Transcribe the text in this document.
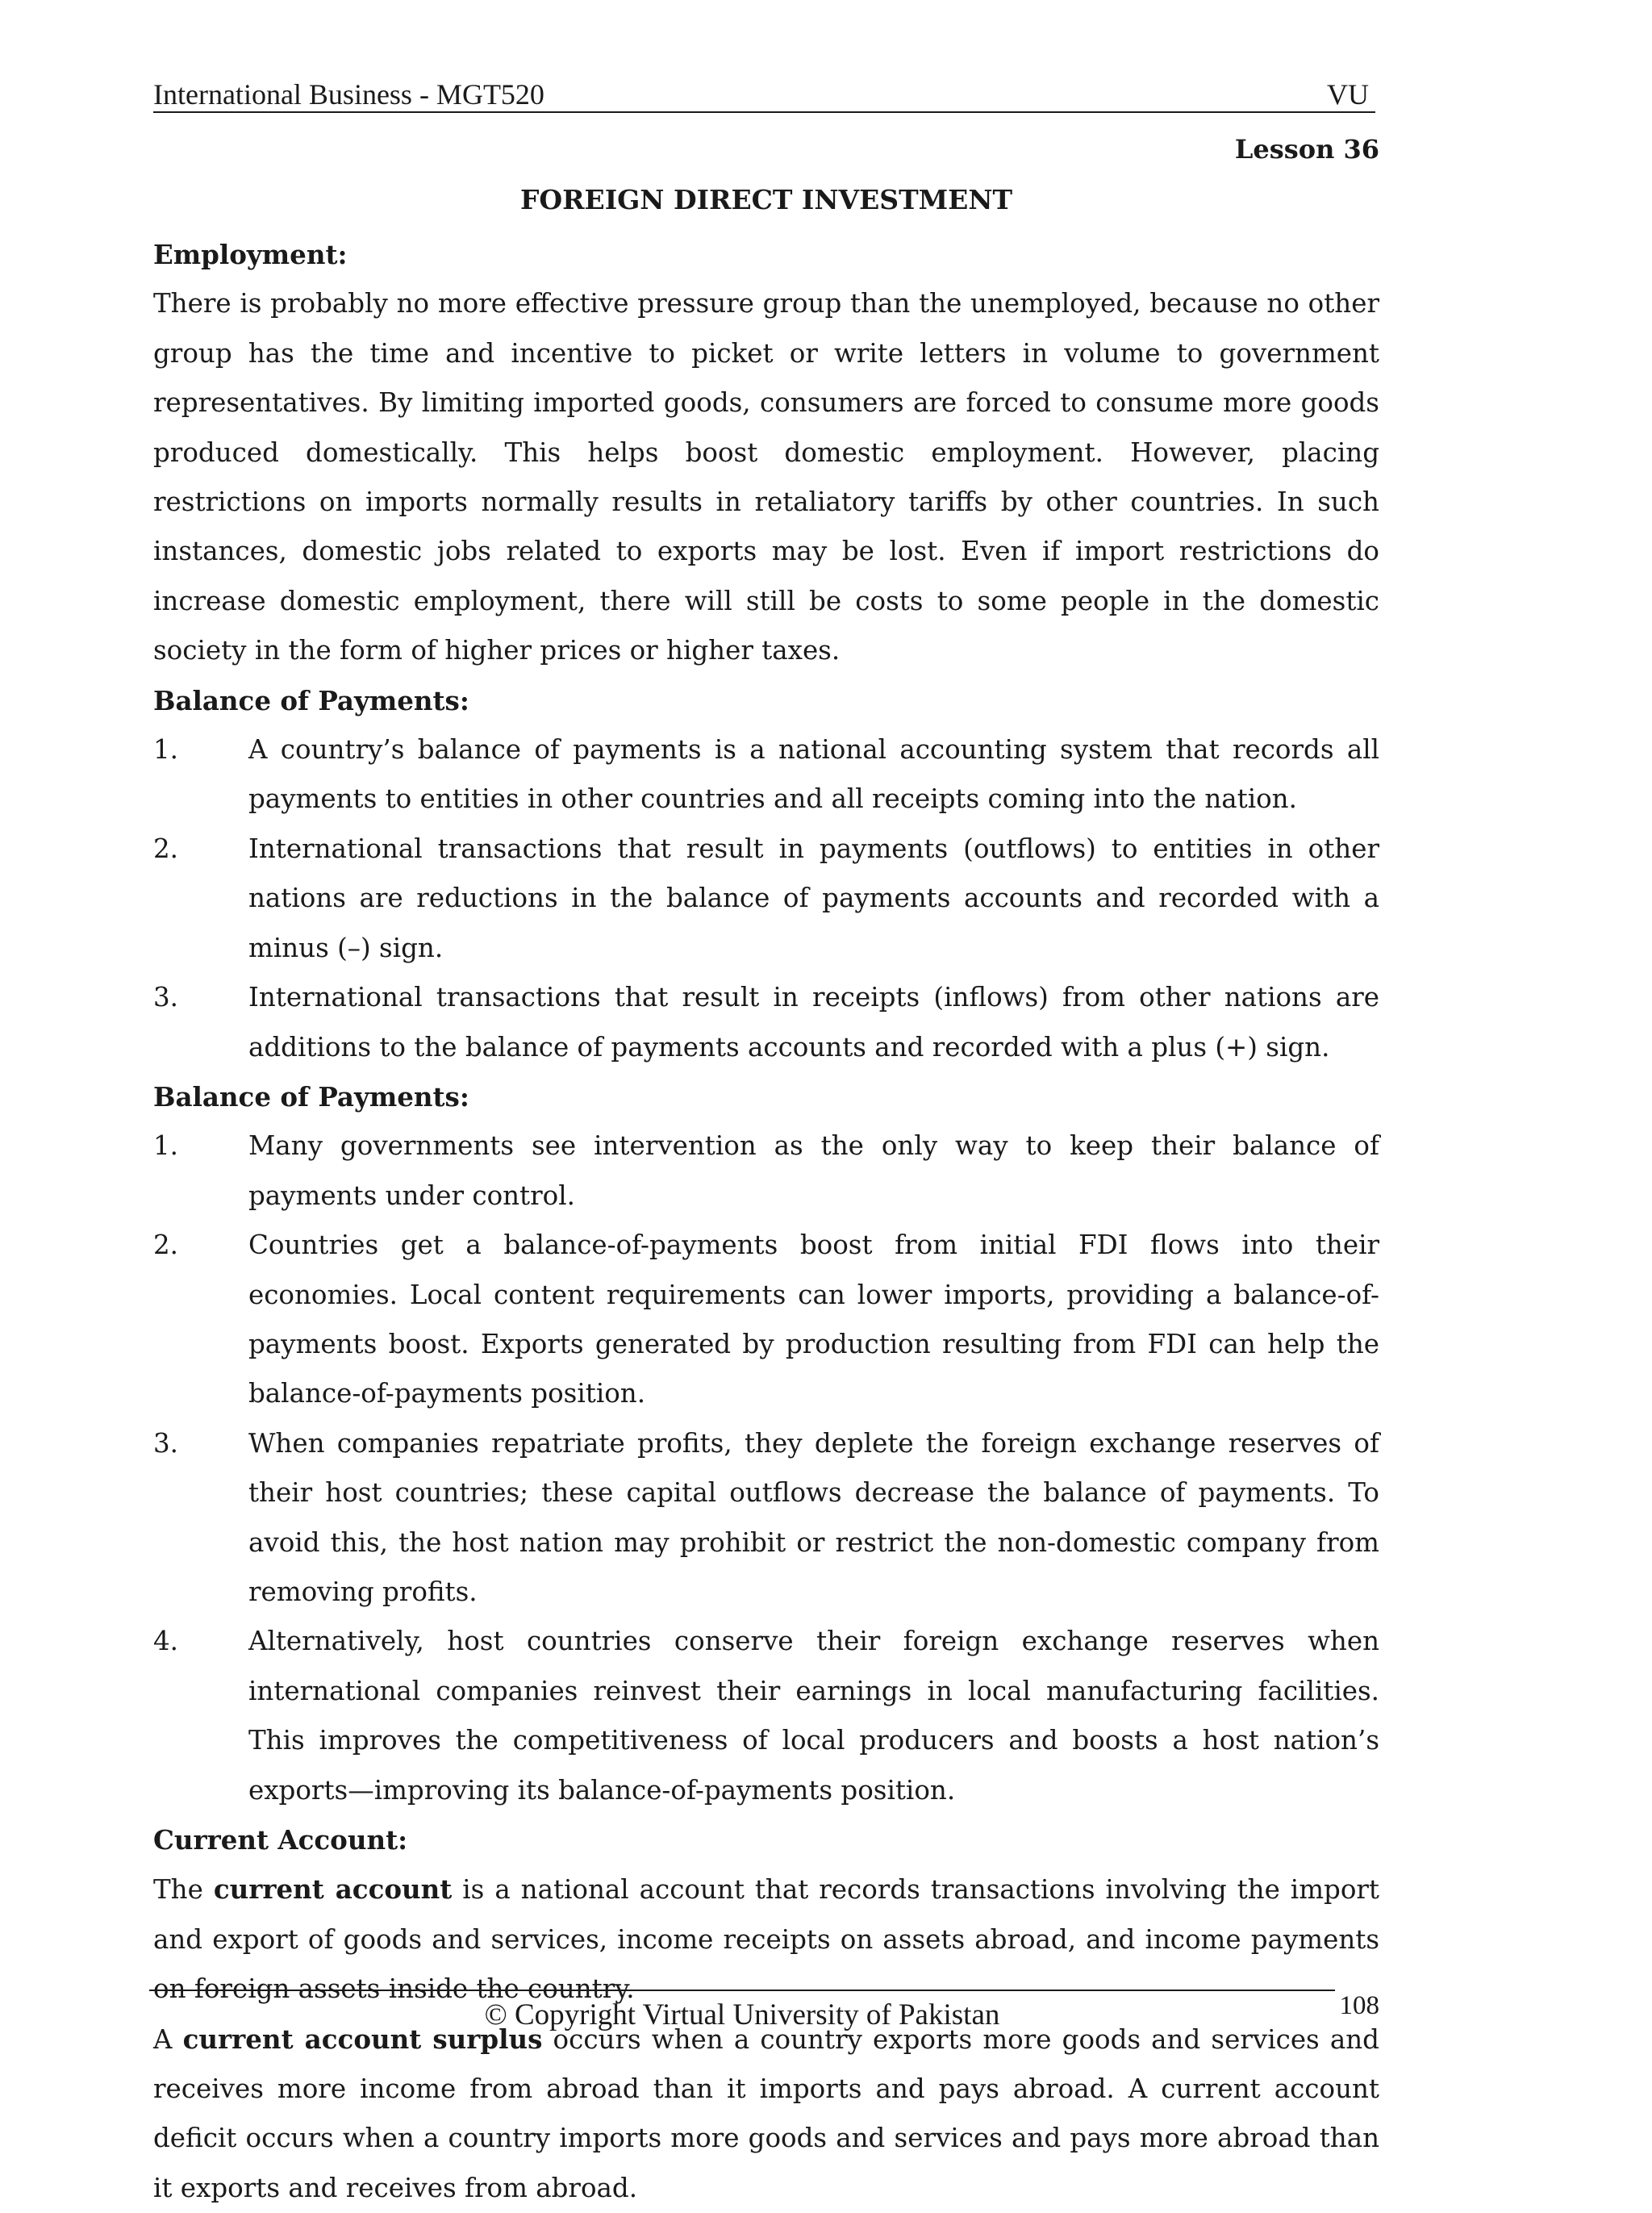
International Business - MGT520	VU
Lesson 36
FOREIGN DIRECT INVESTMENT

Employment:

There is probably no more effective pressure group than the unemployed, because no other group has the time and incentive to picket or write letters in volume to government representatives. By limiting imported goods, consumers are forced to consume more goods produced domestically. This helps boost domestic employment. However, placing restrictions on imports normally results in retaliatory tariffs by other countries. In such instances, domestic jobs related to exports may be lost. Even if import restrictions do increase domestic employment, there will still be costs to some people in the domestic society in the form of higher prices or higher taxes.

Balance of Payments:

1.	A country’s balance of payments is a national accounting system that records all payments to entities in other countries and all receipts coming into the nation.
2.	International transactions that result in payments (outflows) to entities in other nations are reductions in the balance of payments accounts and recorded with a minus (–) sign.
3.	International transactions that result in receipts (inflows) from other nations are additions to the balance of payments accounts and recorded with a plus (+) sign.

Balance of Payments:

1.	Many governments see intervention as the only way to keep their balance of payments under control.
2.	Countries get a balance-of-payments boost from initial FDI flows into their economies. Local content requirements can lower imports, providing a balance-of-payments boost. Exports generated by production resulting from FDI can help the balance-of-payments position.
3.	When companies repatriate profits, they deplete the foreign exchange reserves of their host countries; these capital outflows decrease the balance of payments. To avoid this, the host nation may prohibit or restrict the non-domestic company from removing profits.
4.	Alternatively, host countries conserve their foreign exchange reserves when international companies reinvest their earnings in local manufacturing facilities. This improves the competitiveness of local producers and boosts a host nation’s exports—improving its balance-of-payments position.

Current Account:

The current account is a national account that records transactions involving the import and export of goods and services, income receipts on assets abroad, and income payments on foreign assets inside the country.

A current account surplus occurs when a country exports more goods and services and receives more income from abroad than it imports and pays abroad. A current account deficit occurs when a country imports more goods and services and pays more abroad than it exports and receives from abroad.

© Copyright Virtual University of Pakistan	108
